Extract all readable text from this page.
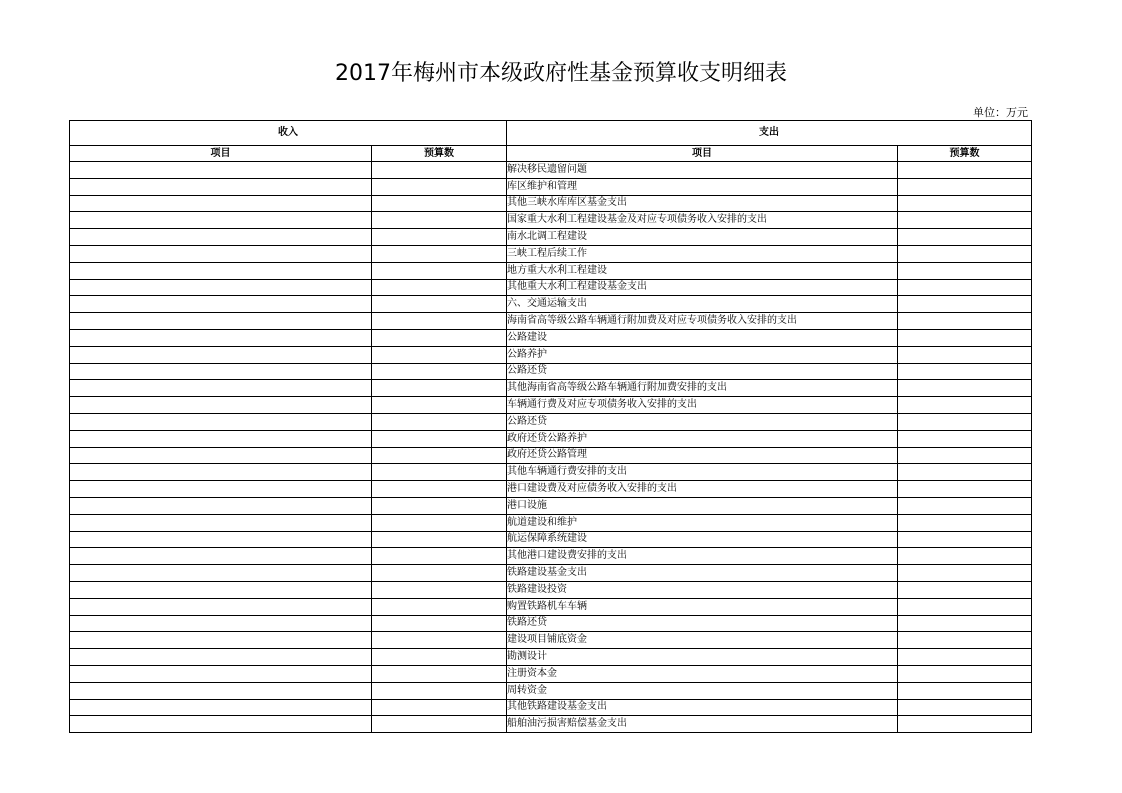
2017年梅州市本级政府性基金预算收支明细表
单位：万元
收入		支出	
项目	预算数	项目	预算数
		解决移民遗留问题	
		库区维护和管理	
		其他三峡水库库区基金支出	
		国家重大水利工程建设基金及对应专项债务收入安排的支出	
		南水北调工程建设	
		三峡工程后续工作	
		地方重大水利工程建设	
		其他重大水利工程建设基金支出	
		六、交通运输支出	
		海南省高等级公路车辆通行附加费及对应专项债务收入安排的支出	
		公路建设	
		公路养护	
		公路还贷	
		其他海南省高等级公路车辆通行附加费安排的支出	
		车辆通行费及对应专项债务收入安排的支出	
		公路还贷	
		政府还贷公路养护	
		政府还贷公路管理	
		其他车辆通行费安排的支出	
		港口建设费及对应债务收入安排的支出	
		港口设施	
		航道建设和维护	
		航运保障系统建设	
		其他港口建设费安排的支出	
		铁路建设基金支出	
		铁路建设投资	
		购置铁路机车车辆	
		铁路还贷	
		建设项目铺底资金	
		勘测设计	
		注册资本金	
		周转资金	
		其他铁路建设基金支出	
		船舶油污损害赔偿基金支出	
